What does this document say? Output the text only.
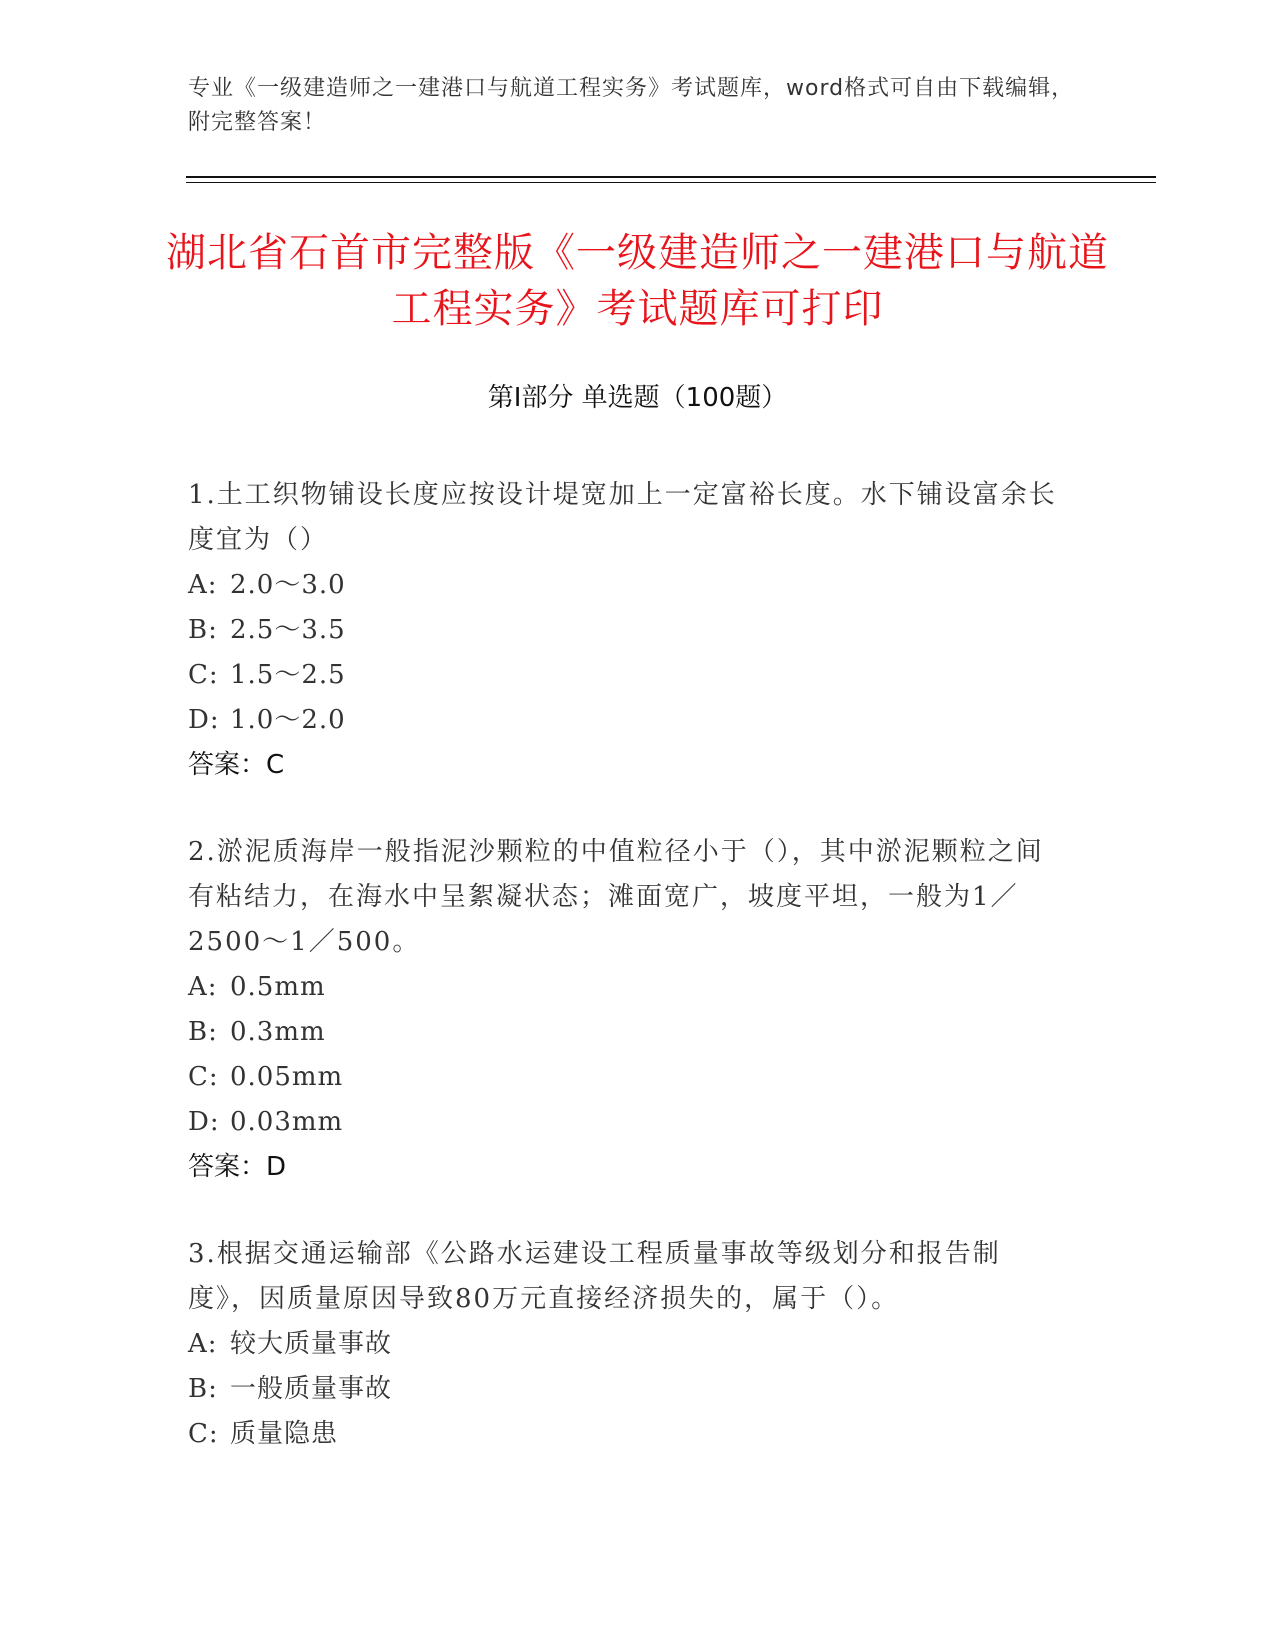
专业《一级建造师之一建港口与航道工程实务》考试题库，word格式可自由下载编辑，附完整答案！
湖北省石首市完整版《一级建造师之一建港口与航道工程实务》考试题库可打印
第Ⅰ部分 单选题（100题）
1.土工织物铺设长度应按设计堤宽加上一定富裕长度。水下铺设富余长度宜为（）
A: 2.0～3.0
B: 2.5～3.5
C: 1.5～2.5
D: 1.0～2.0
答案：C
2.淤泥质海岸一般指泥沙颗粒的中值粒径小于（），其中淤泥颗粒之间有粘结力，在海水中呈絮凝状态；滩面宽广，坡度平坦，一般为1／2500～1／500。
A: 0.5mm
B: 0.3mm
C: 0.05mm
D: 0.03mm
答案：D
3.根据交通运输部《公路水运建设工程质量事故等级划分和报告制度》，因质量原因导致80万元直接经济损失的，属于（）。
A: 较大质量事故
B: 一般质量事故
C: 质量隐患
